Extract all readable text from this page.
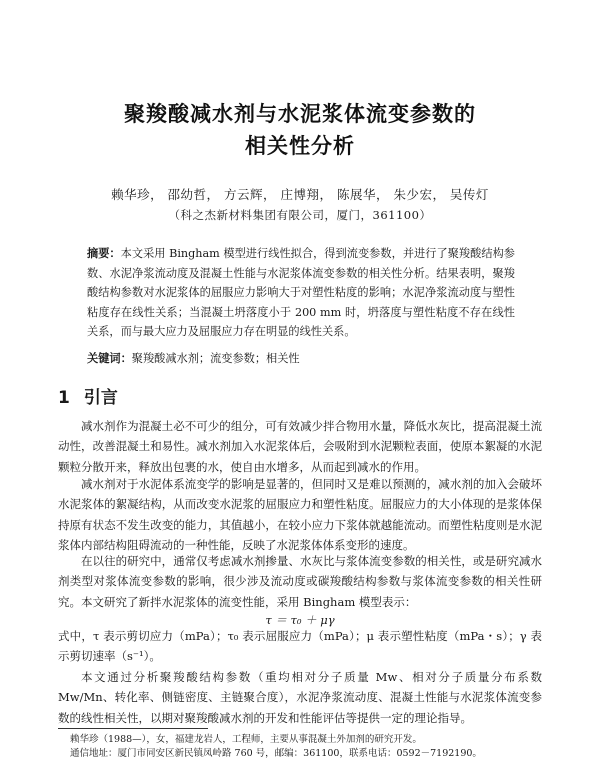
聚羧酸减水剂与水泥浆体流变参数的
相关性分析
赖华珍， 邵幼哲， 方云辉， 庄博翔， 陈展华， 朱少宏， 吴传灯
（科之杰新材料集团有限公司，厦门，361100）
摘要：本文采用 Bingham 模型进行线性拟合，得到流变参数，并进行了聚羧酸结构参数、水泥净浆流动度及混凝土性能与水泥浆体流变参数的相关性分析。结果表明，聚羧酸结构参数对水泥浆体的屈服应力影响大于对塑性粘度的影响；水泥净浆流动度与塑性粘度存在线性关系；当混凝土坍落度小于 200 mm 时，坍落度与塑性粘度不存在线性关系，而与最大应力及屈服应力存在明显的线性关系。
关键词：聚羧酸减水剂；流变参数；相关性
1 引言
减水剂作为混凝土必不可少的组分，可有效减少拌合物用水量，降低水灰比，提高混凝土流动性，改善混凝土和易性。减水剂加入水泥浆体后，会吸附到水泥颗粒表面，使原本絮凝的水泥颗粒分散开来，释放出包裹的水，使自由水增多，从而起到减水的作用。
减水剂对于水泥体系流变学的影响是显著的，但同时又是难以预测的，减水剂的加入会破坏水泥浆体的絮凝结构，从而改变水泥浆的屈服应力和塑性粘度。屈服应力的大小体现的是浆体保持原有状态不发生改变的能力，其值越小，在较小应力下浆体就越能流动。而塑性粘度则是水泥浆体内部结构阻碍流动的一种性能，反映了水泥浆体体系变形的速度。
在以往的研究中，通常仅考虑减水剂掺量、水灰比与浆体流变参数的相关性，或是研究减水剂类型对浆体流变参数的影响，很少涉及流动度或碳羧酸结构参数与浆体流变参数的相关性研究。本文研究了新拌水泥浆体的流变性能，采用 Bingham 模型表示：
τ ＝ τ₀ ＋ μγ
式中，τ 表示剪切应力（mPa）；τ₀ 表示屈服应力（mPa）；μ 表示塑性粘度（mPa・s）；γ 表示剪切速率（s⁻¹）。
本文通过分析聚羧酸结构参数（重均相对分子质量 Mw、相对分子质量分布系数 Mw/Mn、转化率、侧链密度、主链聚合度），水泥净浆流动度、混凝土性能与水泥浆体流变参数的线性相关性，以期对聚羧酸减水剂的开发和性能评估等提供一定的理论指导。
赖华珍（1988—），女，福建龙岩人，工程师，主要从事混凝土外加剂的研究开发。
通信地址：厦门市同安区新民镇凤岭路 760 号，邮编：361100，联系电话：0592－7192190。
